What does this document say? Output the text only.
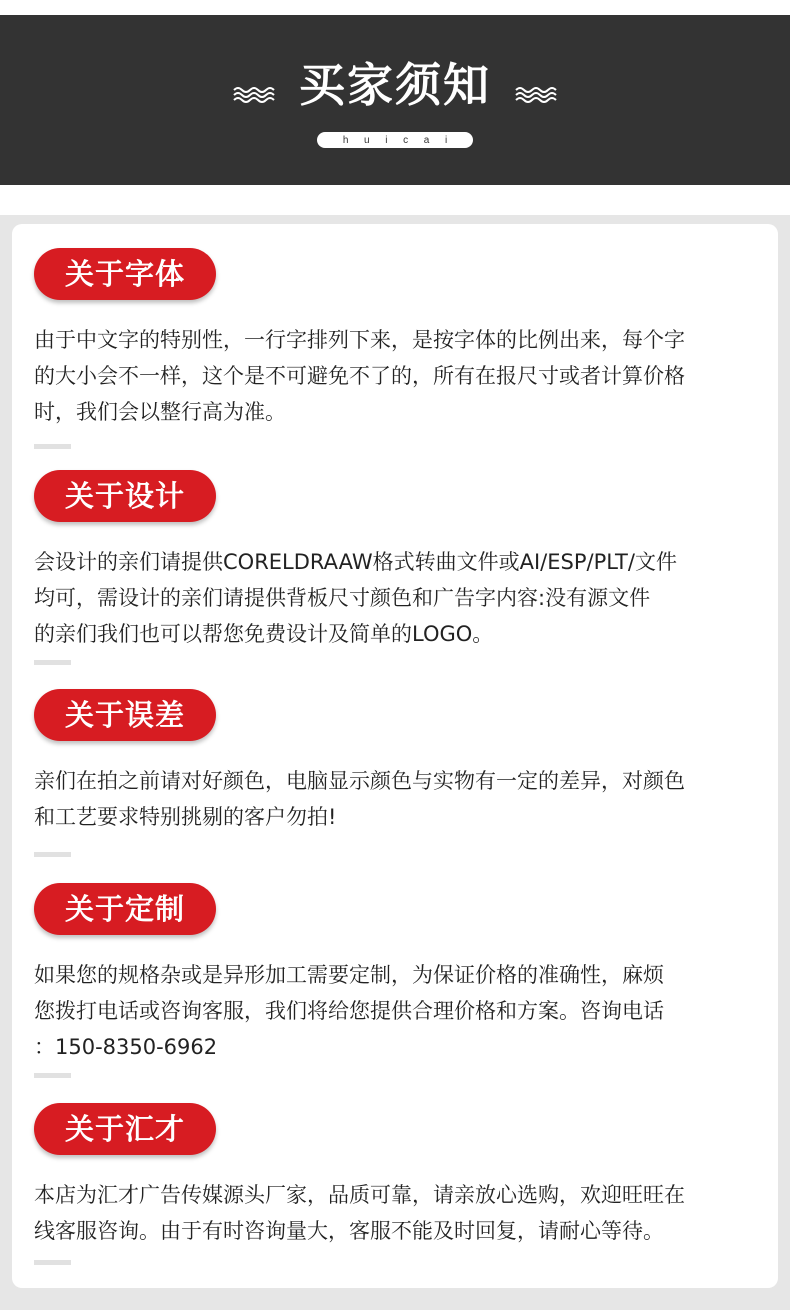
买家须知
h u i c a i
关于字体
由于中文字的特别性，一行字排列下来，是按字体的比例出来，每个字
的大小会不一样，这个是不可避免不了的，所有在报尺寸或者计算价格
时，我们会以整行高为准。
关于设计
会设计的亲们请提供CORELDRAAW格式转曲文件或AI/ESP/PLT/文件
均可，需设计的亲们请提供背板尺寸颜色和广告字内容:没有源文件
的亲们我们也可以帮您免费设计及简单的LOGO。
关于误差
亲们在拍之前请对好颜色，电脑显示颜色与实物有一定的差异，对颜色
和工艺要求特别挑剔的客户勿拍!
关于定制
如果您的规格杂或是异形加工需要定制，为保证价格的准确性，麻烦
您拨打电话或咨询客服，我们将给您提供合理价格和方案。咨询电话
：150-8350-6962
关于汇才
本店为汇才广告传媒源头厂家，品质可靠，请亲放心选购，欢迎旺旺在
线客服咨询。由于有时咨询量大，客服不能及时回复，请耐心等待。
